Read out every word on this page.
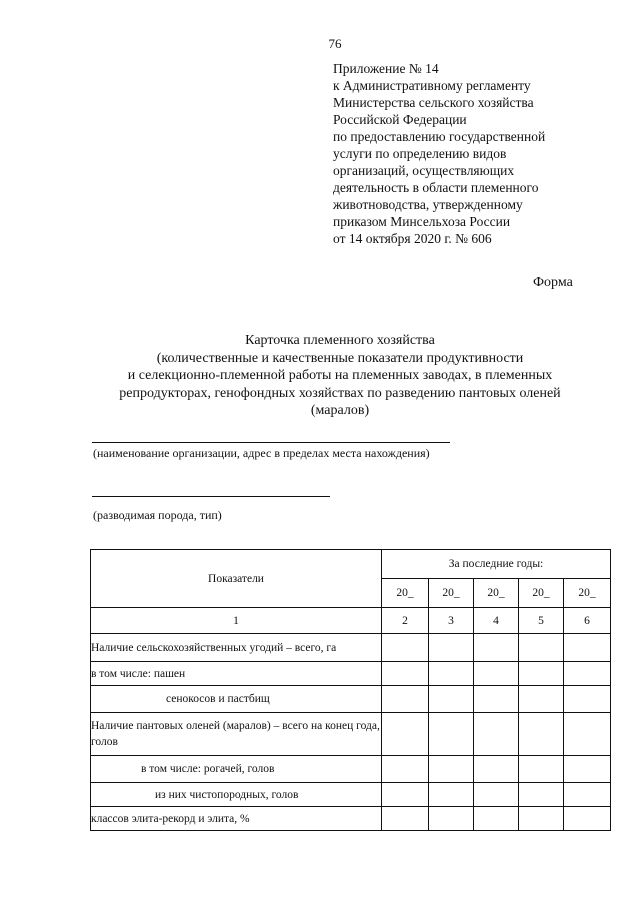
76
Приложение № 14
к Административному регламенту
Министерства сельского хозяйства
Российской Федерации
по предоставлению государственной
услуги по определению видов
организаций, осуществляющих
деятельность в области племенного
животноводства, утвержденному
приказом Минсельхоза России
от 14 октября 2020 г. № 606
Форма
Карточка племенного хозяйства
(количественные и качественные показатели продуктивности
и селекционно-племенной работы на племенных заводах, в племенных
репродукторах, генофондных хозяйствах по разведению пантовых оленей
(маралов)
(наименование организации, адрес в пределах места нахождения)
(разводимая порода, тип)
Показатели	За последние годы:				
	20_	20_	20_	20_	20_
1	2	3	4	5	6
Наличие сельскохозяйственных угодий – всего, га					
в том числе: пашен					
сенокосов и пастбищ					
Наличие пантовых оленей (маралов) – всего на конец года, голов					
в том числе: рогачей, голов					
из них чистопородных, голов					
классов элита-рекорд и элита, %					
